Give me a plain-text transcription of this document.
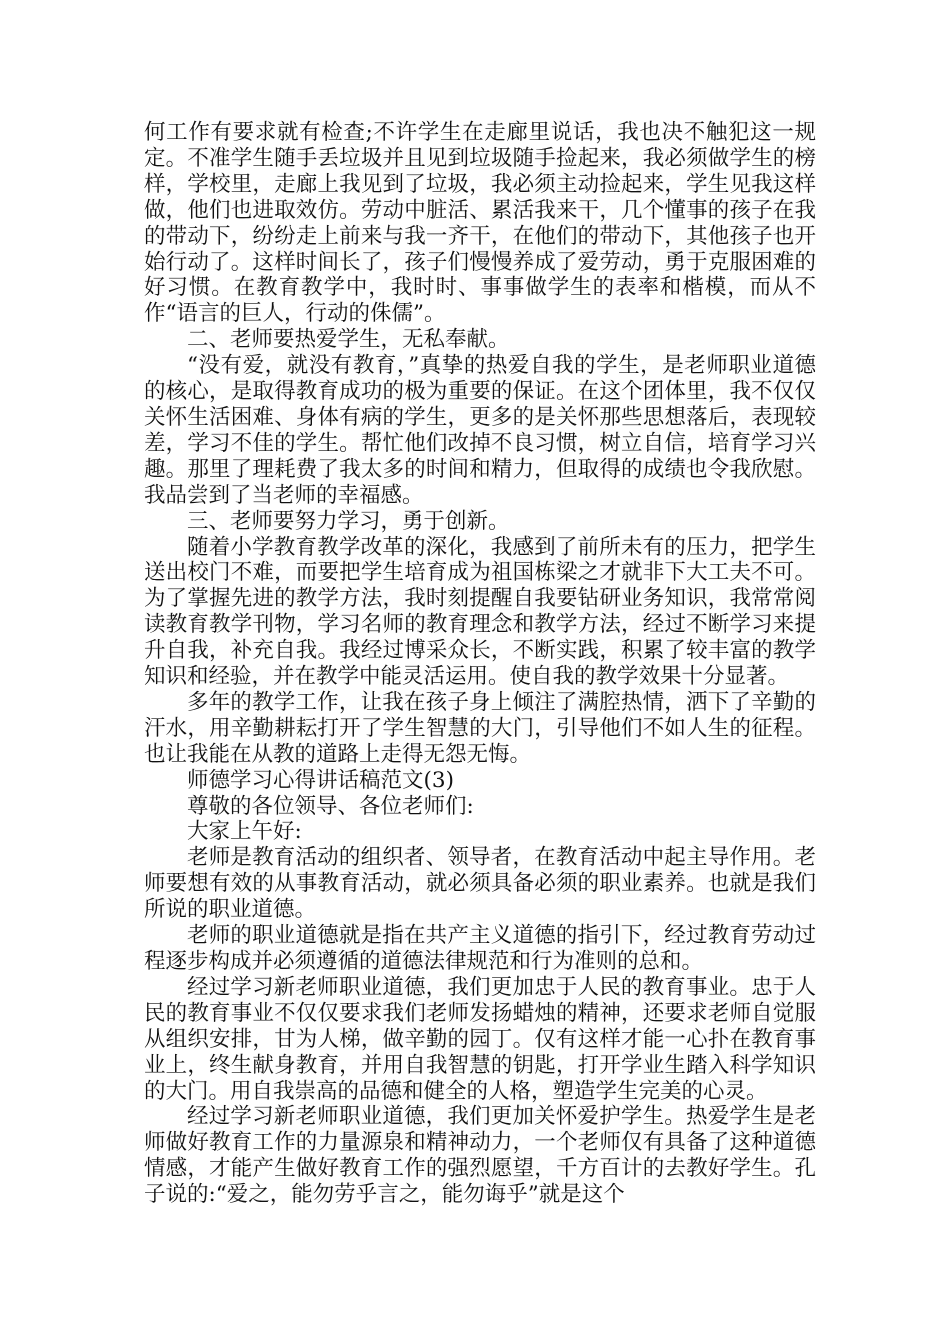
何工作有要求就有检查;不许学生在走廊里说话，我也决不触犯这一规定。不准学生随手丢垃圾并且见到垃圾随手捡起来，我必须做学生的榜样，学校里，走廊上我见到了垃圾，我必须主动捡起来，学生见我这样做，他们也进取效仿。劳动中脏活、累活我来干，几个懂事的孩子在我的带动下，纷纷走上前来与我一齐干，在他们的带动下，其他孩子也开始行动了。这样时间长了，孩子们慢慢养成了爱劳动，勇于克服困难的好习惯。在教育教学中，我时时、事事做学生的表率和楷模，而从不作“语言的巨人，行动的侏儒”。

二、老师要热爱学生，无私奉献。

“没有爱，就没有教育，”真挚的热爱自我的学生，是老师职业道德的核心，是取得教育成功的极为重要的保证。在这个团体里，我不仅仅关怀生活困难、身体有病的学生，更多的是关怀那些思想落后，表现较差，学习不佳的学生。帮忙他们改掉不良习惯，树立自信，培育学习兴趣。那里了理耗费了我太多的时间和精力，但取得的成绩也令我欣慰。我品尝到了当老师的幸福感。

三、老师要努力学习，勇于创新。

随着小学教育教学改革的深化，我感到了前所未有的压力，把学生送出校门不难，而要把学生培育成为祖国栋梁之才就非下大工夫不可。为了掌握先进的教学方法，我时刻提醒自我要钻研业务知识，我常常阅读教育教学刊物，学习名师的教育理念和教学方法，经过不断学习来提升自我，补充自我。我经过博采众长，不断实践，积累了较丰富的教学知识和经验，并在教学中能灵活运用。使自我的教学效果十分显著。

多年的教学工作，让我在孩子身上倾注了满腔热情，洒下了辛勤的汗水，用辛勤耕耘打开了学生智慧的大门，引导他们不如人生的征程。也让我能在从教的道路上走得无怨无悔。

师德学习心得讲话稿范文(3)

尊敬的各位领导、各位老师们:

大家上午好:

老师是教育活动的组织者、领导者，在教育活动中起主导作用。老师要想有效的从事教育活动，就必须具备必须的职业素养。也就是我们所说的职业道德。

老师的职业道德就是指在共产主义道德的指引下，经过教育劳动过程逐步构成并必须遵循的道德法律规范和行为准则的总和。

经过学习新老师职业道德，我们更加忠于人民的教育事业。忠于人民的教育事业不仅仅要求我们老师发扬蜡烛的精神，还要求老师自觉服从组织安排，甘为人梯，做辛勤的园丁。仅有这样才能一心扑在教育事业上，终生献身教育，并用自我智慧的钥匙，打开学业生踏入科学知识的大门。用自我崇高的品德和健全的人格，塑造学生完美的心灵。

经过学习新老师职业道德，我们更加关怀爱护学生。热爱学生是老师做好教育工作的力量源泉和精神动力，一个老师仅有具备了这种道德情感，才能产生做好教育工作的强烈愿望，千方百计的去教好学生。孔子说的:“爱之，能勿劳乎言之，能勿诲乎”就是这个
